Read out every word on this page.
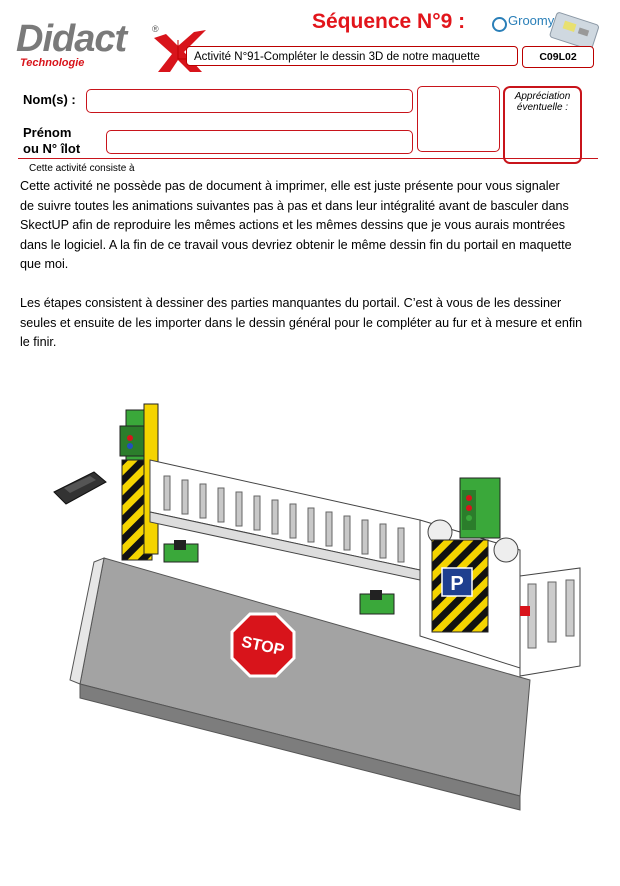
Didact	®
Technologie
Séquence N°9 :	Groomy
Activité N°91-Compléter le dessin 3D de notre maquette	C09L02
Nom(s) :
Prénom
ou N° îlot
Appréciation
éventuelle :
Cette activité consiste à
Cette activité ne possède pas de document à imprimer, elle est juste présente pour vous signaler
de suivre toutes les animations suivantes pas à pas et dans leur intégralité avant de basculer dans
SkectUP afin de reproduire les mêmes actions et les mêmes dessins que je vous aurais montrées
dans le logiciel. A la fin de ce travail vous devriez obtenir le même dessin fin du portail en maquette
que moi.
Les étapes consistent à dessiner des parties manquantes du portail. C’est à vous de les dessiner
seules et ensuite de les importer dans le dessin général pour le compléter au fur et à mesure et enfin
le finir.
P
STOP
